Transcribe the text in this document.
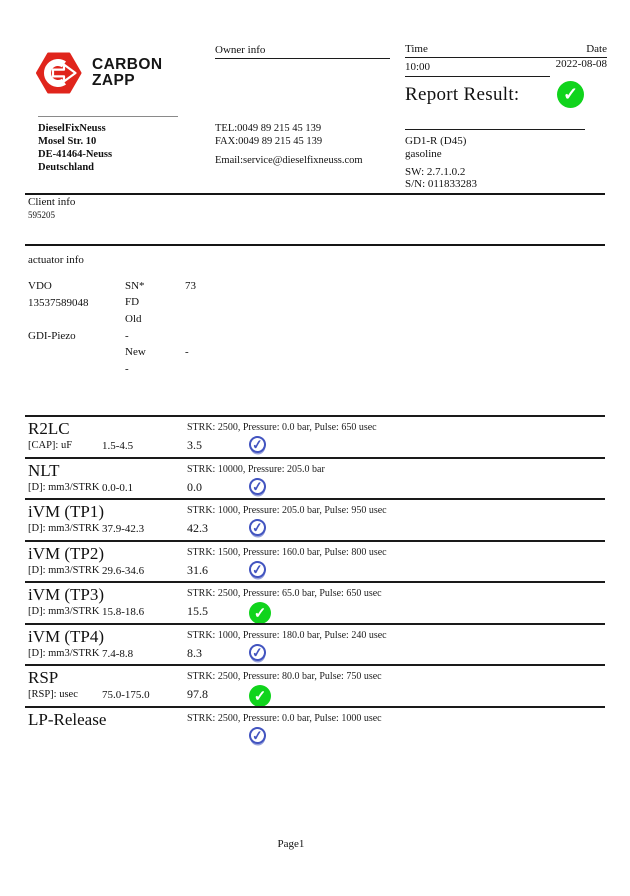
CARBON
ZAPP
Owner info	Time	Date
10:00	2022-08-08
Report Result:
✓
DieselFixNeuss
Mosel Str. 10
DE-41464-Neuss
Deutschland
TEL:0049 89 215 45 139
FAX:0049 89 215 45 139
Email:service@dieselfixneuss.com
GD1-R (D45)
gasoline
SW: 2.7.1.0.2
S/N: 011833283
Client info
595205
actuator info
VDO
13537589048
GDI-Piezo
SN*	73
FD
Old
-
New	-
-
R2LC	STRK: 2500, Pressure: 0.0 bar, Pulse: 650 usec
[CAP]: uF	1.5-4.5	3.5
✓
NLT	STRK: 10000, Pressure: 205.0 bar
[D]: mm3/STRK 0.0-0.1	0.0
✓
iVM (TP1)	STRK: 1000, Pressure: 205.0 bar, Pulse: 950 usec
[D]: mm3/STRK 37.9-42.3	42.3
✓
iVM (TP2)	STRK: 1500, Pressure: 160.0 bar, Pulse: 800 usec
[D]: mm3/STRK 29.6-34.6	31.6
✓
iVM (TP3)	STRK: 2500, Pressure: 65.0 bar, Pulse: 650 usec
[D]: mm3/STRK 15.8-18.6	15.5
✓
iVM (TP4)	STRK: 1000, Pressure: 180.0 bar, Pulse: 240 usec
[D]: mm3/STRK 7.4-8.8	8.3
✓
RSP	STRK: 2500, Pressure: 80.0 bar, Pulse: 750 usec
[RSP]: usec 75.0-175.0	97.8
✓
LP-Release	STRK: 2500, Pressure: 0.0 bar, Pulse: 1000 usec
✓
Page1
